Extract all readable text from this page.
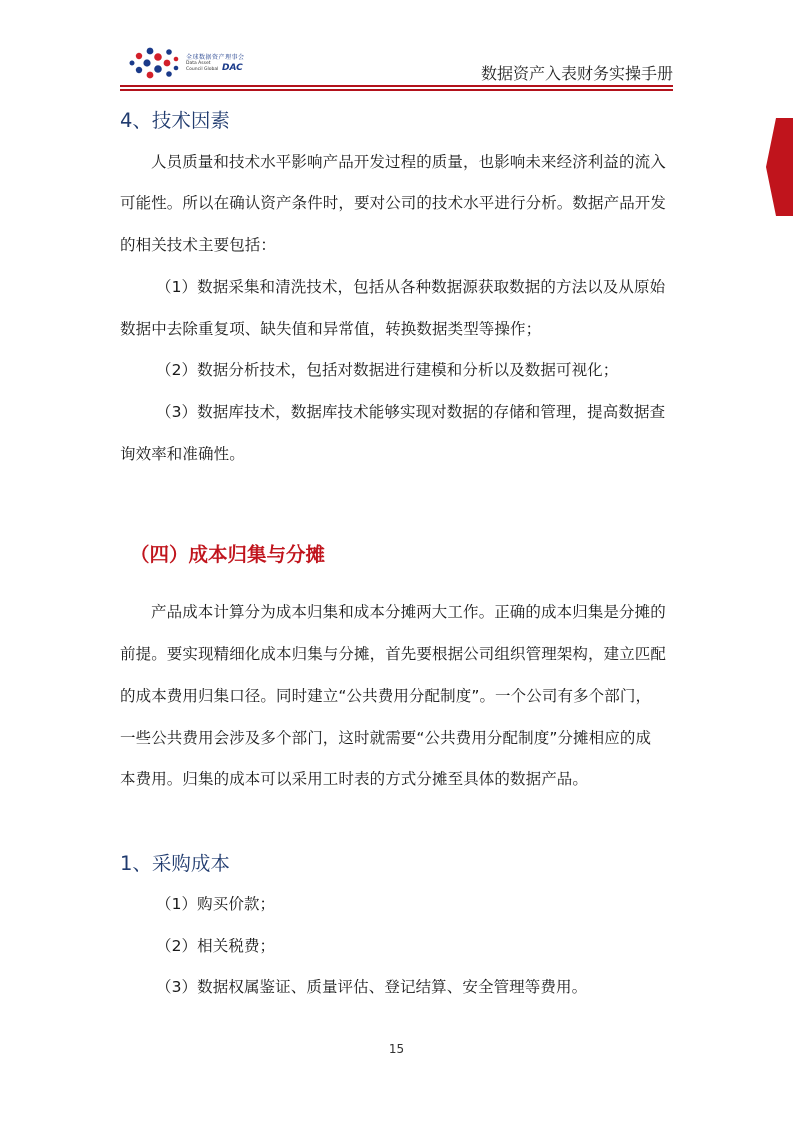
全球数据资产理事会
Data Asset
Council Global DAC	数据资产入表财务实操手册
4、技术因素
人员质量和技术水平影响产品开发过程的质量，也影响未来经济利益的流入
可能性。所以在确认资产条件时，要对公司的技术水平进行分析。数据产品开发
的相关技术主要包括：
（1）数据采集和清洗技术，包括从各种数据源获取数据的方法以及从原始
数据中去除重复项、缺失值和异常值，转换数据类型等操作；
（2）数据分析技术，包括对数据进行建模和分析以及数据可视化；
（3）数据库技术，数据库技术能够实现对数据的存储和管理，提高数据查
询效率和准确性。
（四）成本归集与分摊
产品成本计算分为成本归集和成本分摊两大工作。正确的成本归集是分摊的
前提。要实现精细化成本归集与分摊，首先要根据公司组织管理架构，建立匹配
的成本费用归集口径。同时建立“公共费用分配制度”。一个公司有多个部门，
一些公共费用会涉及多个部门，这时就需要“公共费用分配制度”分摊相应的成
本费用。归集的成本可以采用工时表的方式分摊至具体的数据产品。
1、采购成本
（1）购买价款；
（2）相关税费；
（3）数据权属鉴证、质量评估、登记结算、安全管理等费用。
15
